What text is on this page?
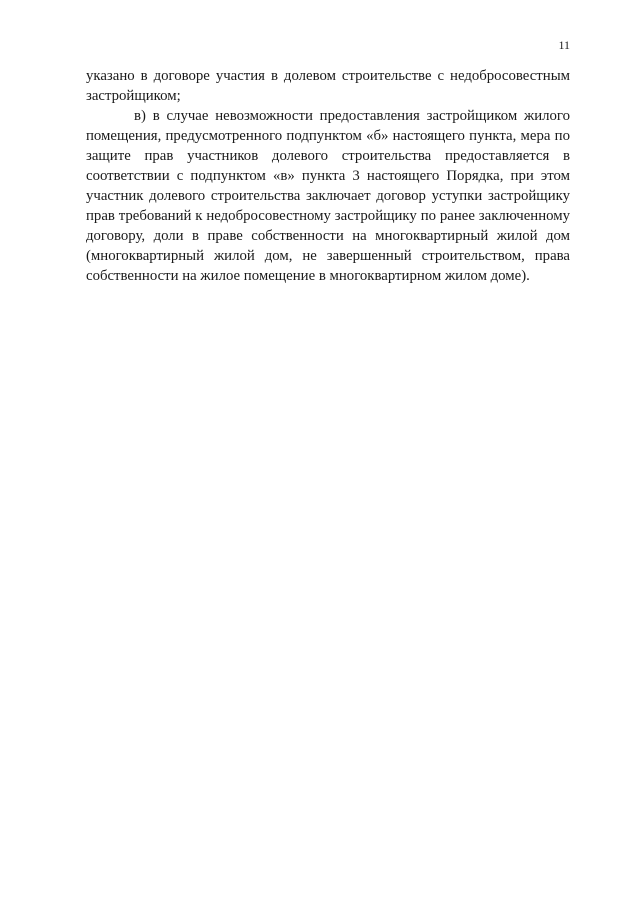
11

указано в договоре участия в долевом строительстве с недобросовестным застройщиком;

в) в случае невозможности предоставления застройщиком жилого помещения, предусмотренного подпунктом «б» настоящего пункта, мера по защите прав участников долевого строительства предоставляется в соответствии с подпунктом «в» пункта 3 настоящего Порядка, при этом участник долевого строительства заключает договор уступки застройщику прав требований к недобросовестному застройщику по ранее заключенному договору, доли в праве собственности на многоквартирный жилой дом (многоквартирный жилой дом, не завершенный строительством, права собственности на жилое помещение в многоквартирном жилом доме).
